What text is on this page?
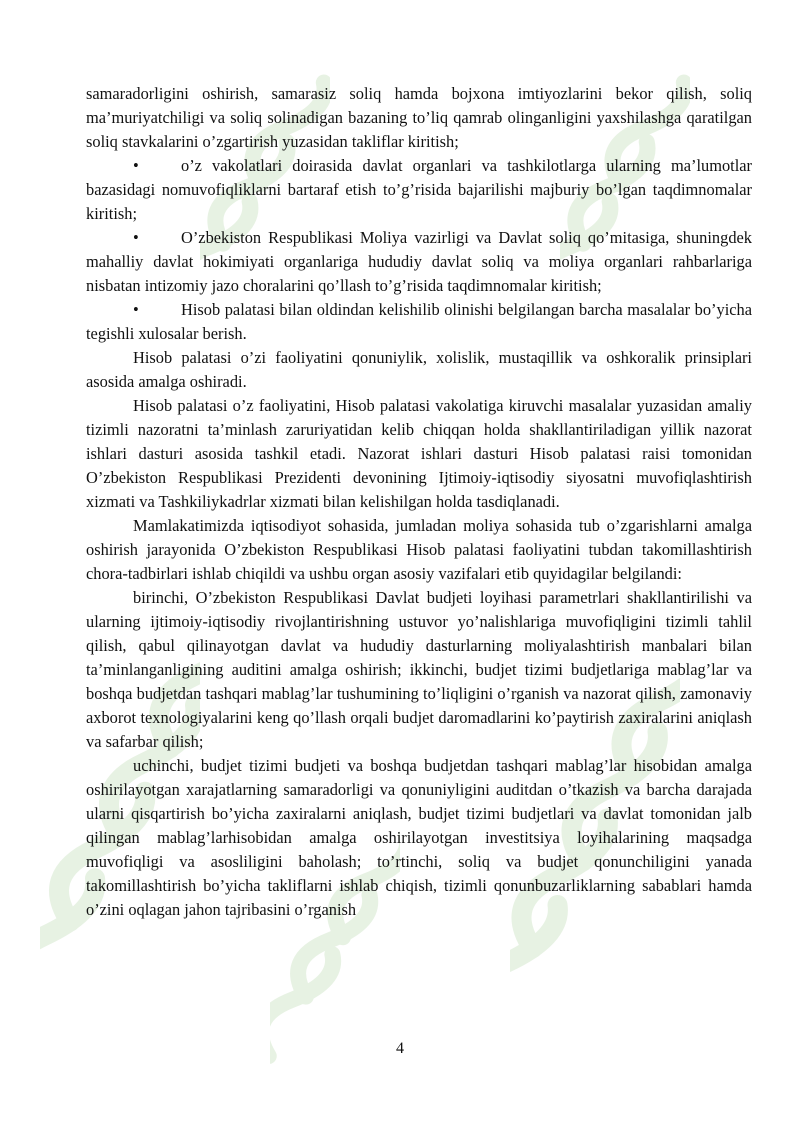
samaradorligini oshirish, samarasiz soliq hamda bojxona imtiyozlarini bekor qilish, soliq ma’muriyatchiligi va soliq solinadigan bazaning to’liq qamrab olinganligini yaxshilashga qaratilgan soliq stavkalarini o’zgartirish yuzasidan takliflar kiritish;

•	o’z vakolatlari doirasida davlat organlari va tashkilotlarga ularning ma’lumotlar bazasidagi nomuvofiqliklarni bartaraf etish to’g’risida bajarilishi majburiy bo’lgan taqdimnomalar kiritish;

•	O’zbekiston Respublikasi Moliya vazirligi va Davlat soliq qo’mitasiga, shuningdek mahalliy davlat hokimiyati organlariga hududiy davlat soliq va moliya organlari rahbarlariga nisbatan intizomiy jazo choralarini qo’llash to’g’risida taqdimnomalar kiritish;

•	Hisob palatasi bilan oldindan kelishilib olinishi belgilangan barcha masalalar bo’yicha tegishli xulosalar berish.

Hisob palatasi o’zi faoliyatini qonuniylik, xolislik, mustaqillik va oshkoralik prinsiplari asosida amalga oshiradi.

Hisob palatasi o’z faoliyatini, Hisob palatasi vakolatiga kiruvchi masalalar yuzasidan amaliy tizimli nazoratni ta’minlash zaruriyatidan kelib chiqqan holda shakllantiriladigan yillik nazorat ishlari dasturi asosida tashkil etadi. Nazorat ishlari dasturi Hisob palatasi raisi tomonidan O’zbekiston Respublikasi Prezidenti devonining Ijtimoiy-iqtisodiy siyosatni muvofiqlashtirish xizmati va Tashkiliykadrlar xizmati bilan kelishilgan holda tasdiqlanadi.

Mamlakatimizda iqtisodiyot sohasida, jumladan moliya sohasida tub o’zgarishlarni amalga oshirish jarayonida O’zbekiston Respublikasi Hisob palatasi faoliyatini tubdan takomillashtirish chora-tadbirlari ishlab chiqildi va ushbu organ asosiy vazifalari etib quyidagilar belgilandi:

birinchi, O’zbekiston Respublikasi Davlat budjeti loyihasi parametrlari shakllantirilishi va ularning ijtimoiy-iqtisodiy rivojlantirishning ustuvor yo’nalishlariga muvofiqligini tizimli tahlil qilish, qabul qilinayotgan davlat va hududiy dasturlarning moliyalashtirish manbalari bilan ta’minlanganligining auditini amalga oshirish; ikkinchi, budjet tizimi budjetlariga mablag’lar va boshqa budjetdan tashqari mablag’lar tushumining to’liqligini o’rganish va nazorat qilish, zamonaviy axborot texnologiyalarini keng qo’llash orqali budjet daromadlarini ko’paytirish zaxiralarini aniqlash va safarbar qilish;

uchinchi, budjet tizimi budjeti va boshqa budjetdan tashqari mablag’lar hisobidan amalga oshirilayotgan xarajatlarning samaradorligi va qonuniyligini auditdan o’tkazish va barcha darajada ularni qisqartirish bo’yicha zaxiralarni aniqlash, budjet tizimi budjetlari va davlat tomonidan jalb qilingan mablag’larhisobidan amalga oshirilayotgan investitsiya loyihalarining maqsadga muvofiqligi va asosliligini baholash; to’rtinchi, soliq va budjet qonunchiligini yanada takomillashtirish bo’yicha takliflarni ishlab chiqish, tizimli qonunbuzarliklarning sabablari hamda o’zini oqlagan jahon tajribasini o’rganish

4
